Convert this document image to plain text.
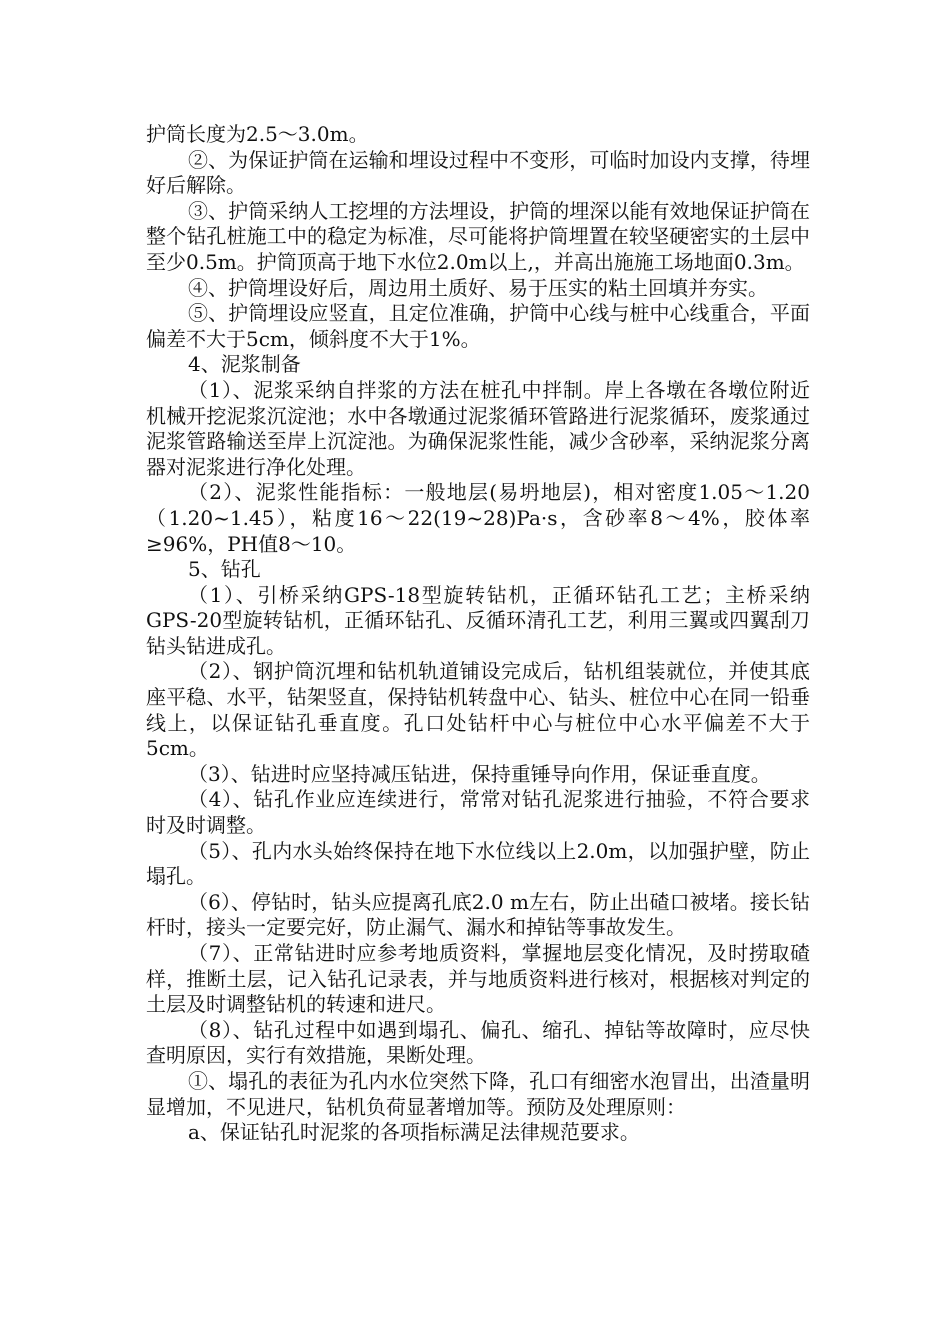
护筒长度为2.5～3.0m。

②、为保证护筒在运输和埋设过程中不变形，可临时加设内支撑，待埋好后解除。

③、护筒采纳人工挖埋的方法埋设，护筒的埋深以能有效地保证护筒在整个钻孔桩施工中的稳定为标准，尽可能将护筒埋置在较坚硬密实的土层中至少0.5m。护筒顶高于地下水位2.0m以上,，并高出施施工场地面0.3m。

④、护筒埋设好后，周边用土质好、易于压实的粘土回填并夯实。

⑤、护筒埋设应竖直，且定位准确，护筒中心线与桩中心线重合，平面偏差不大于5cm，倾斜度不大于1%。

4、泥浆制备

（1）、泥浆采纳自拌浆的方法在桩孔中拌制。岸上各墩在各墩位附近机械开挖泥浆沉淀池；水中各墩通过泥浆循环管路进行泥浆循环，废浆通过泥浆管路输送至岸上沉淀池。为确保泥浆性能，减少含砂率，采纳泥浆分离器对泥浆进行净化处理。

（2）、泥浆性能指标：一般地层(易坍地层)，相对密度1.05～1.20（1.20~1.45），粘度16～22(19~28)Pa·s，含砂率8～4%，胶体率≥96%，PH值8～10。

5、钻孔

（1）、引桥采纳GPS-18型旋转钻机，正循环钻孔工艺；主桥采纳GPS-20型旋转钻机，正循环钻孔、反循环清孔工艺，利用三翼或四翼刮刀钻头钻进成孔。

（2）、钢护筒沉埋和钻机轨道铺设完成后，钻机组装就位，并使其底座平稳、水平，钻架竖直，保持钻机转盘中心、钻头、桩位中心在同一铅垂线上，以保证钻孔垂直度。孔口处钻杆中心与桩位中心水平偏差不大于5cm。

（3）、钻进时应坚持减压钻进，保持重锤导向作用，保证垂直度。

（4）、钻孔作业应连续进行，常常对钻孔泥浆进行抽验，不符合要求时及时调整。

（5）、孔内水头始终保持在地下水位线以上2.0m，以加强护壁，防止塌孔。

（6）、停钻时，钻头应提离孔底2.0 m左右，防止出碴口被堵。接长钻杆时，接头一定要完好，防止漏气、漏水和掉钻等事故发生。

（7）、正常钻进时应参考地质资料，掌握地层变化情况，及时捞取碴样，推断土层，记入钻孔记录表，并与地质资料进行核对，根据核对判定的土层及时调整钻机的转速和进尺。

（8）、钻孔过程中如遇到塌孔、偏孔、缩孔、掉钻等故障时，应尽快查明原因，实行有效措施，果断处理。

①、塌孔的表征为孔内水位突然下降，孔口有细密水泡冒出，出渣量明显增加，不见进尺，钻机负荷显著增加等。预防及处理原则：

a、保证钻孔时泥浆的各项指标满足法律规范要求。
